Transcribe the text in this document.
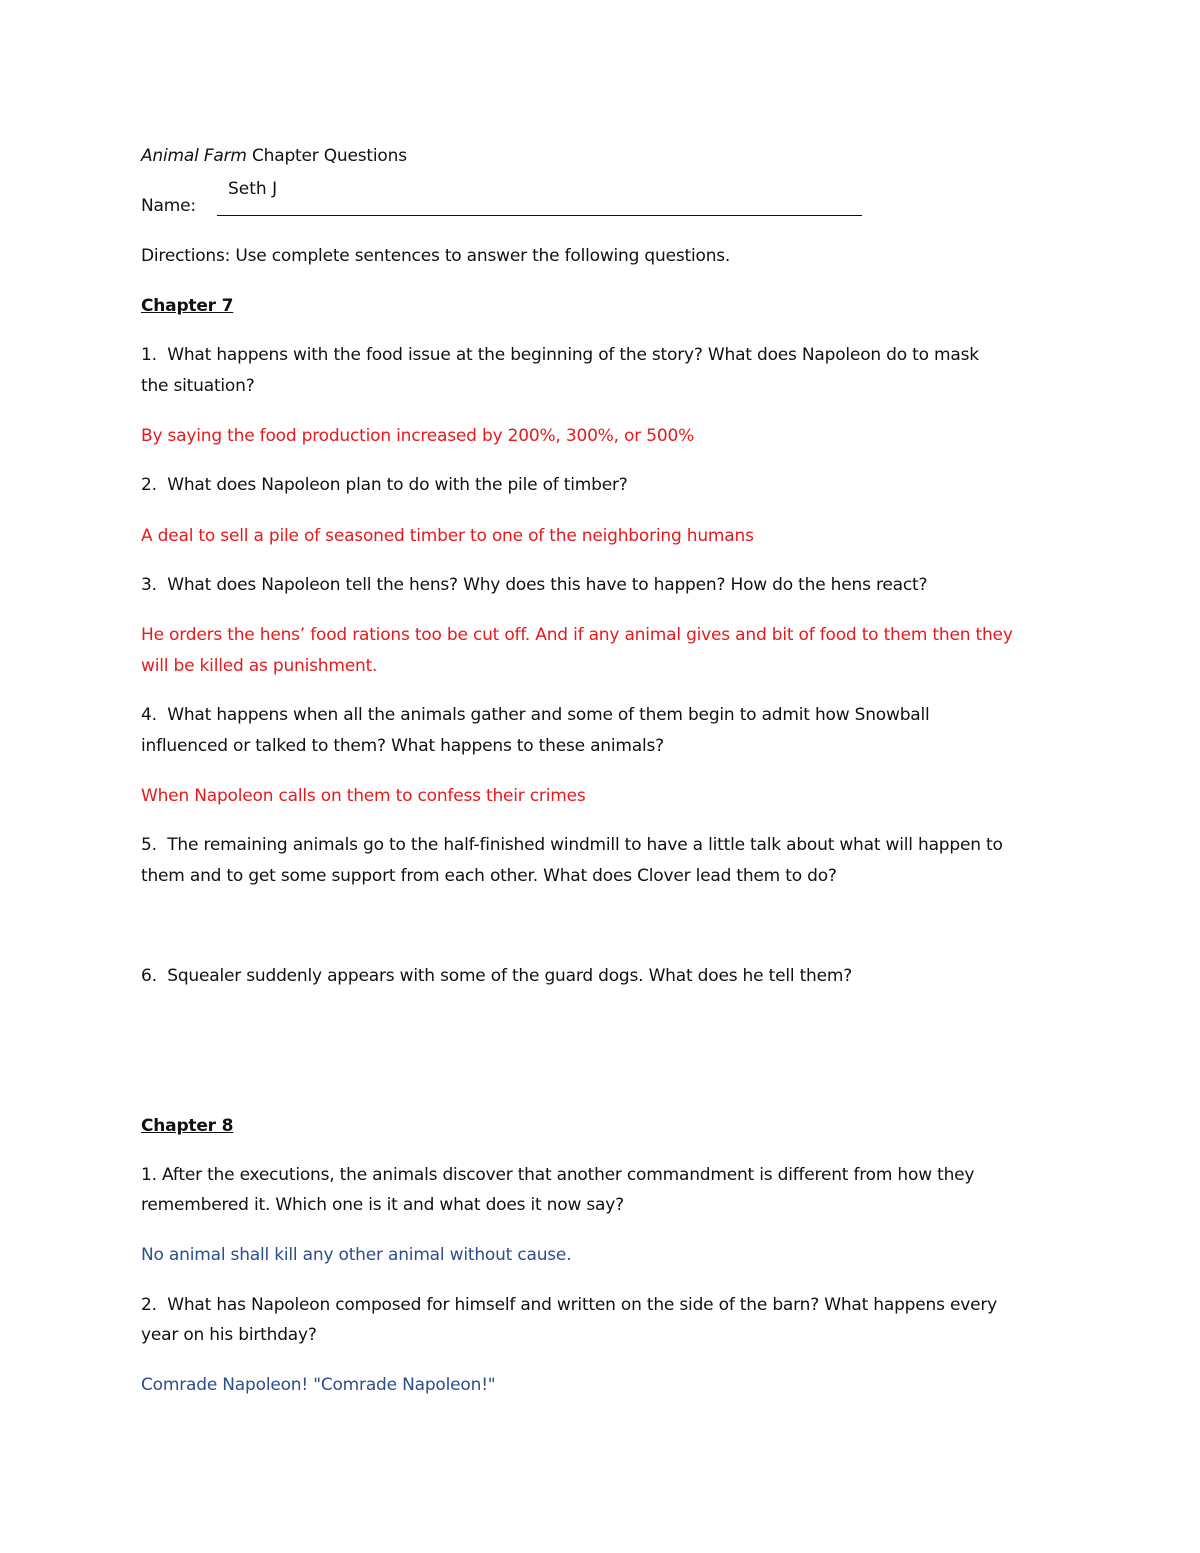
Animal Farm Chapter Questions
Seth J
Name:
Directions: Use complete sentences to answer the following questions.
Chapter 7
1. What happens with the food issue at the beginning of the story? What does Napoleon do to mask
the situation?
By saying the food production increased by 200%, 300%, or 500%
2. What does Napoleon plan to do with the pile of timber?
A deal to sell a pile of seasoned timber to one of the neighboring humans
3. What does Napoleon tell the hens? Why does this have to happen? How do the hens react?
He orders the hens’ food rations too be cut off. And if any animal gives and bit of food to them then they
will be killed as punishment.
4. What happens when all the animals gather and some of them begin to admit how Snowball
influenced or talked to them? What happens to these animals?
When Napoleon calls on them to confess their crimes
5. The remaining animals go to the half-finished windmill to have a little talk about what will happen to
them and to get some support from each other. What does Clover lead them to do?
6. Squealer suddenly appears with some of the guard dogs. What does he tell them?
Chapter 8
1. After the executions, the animals discover that another commandment is different from how they
remembered it. Which one is it and what does it now say?
No animal shall kill any other animal without cause.
2. What has Napoleon composed for himself and written on the side of the barn? What happens every
year on his birthday?
Comrade Napoleon! "Comrade Napoleon!"
